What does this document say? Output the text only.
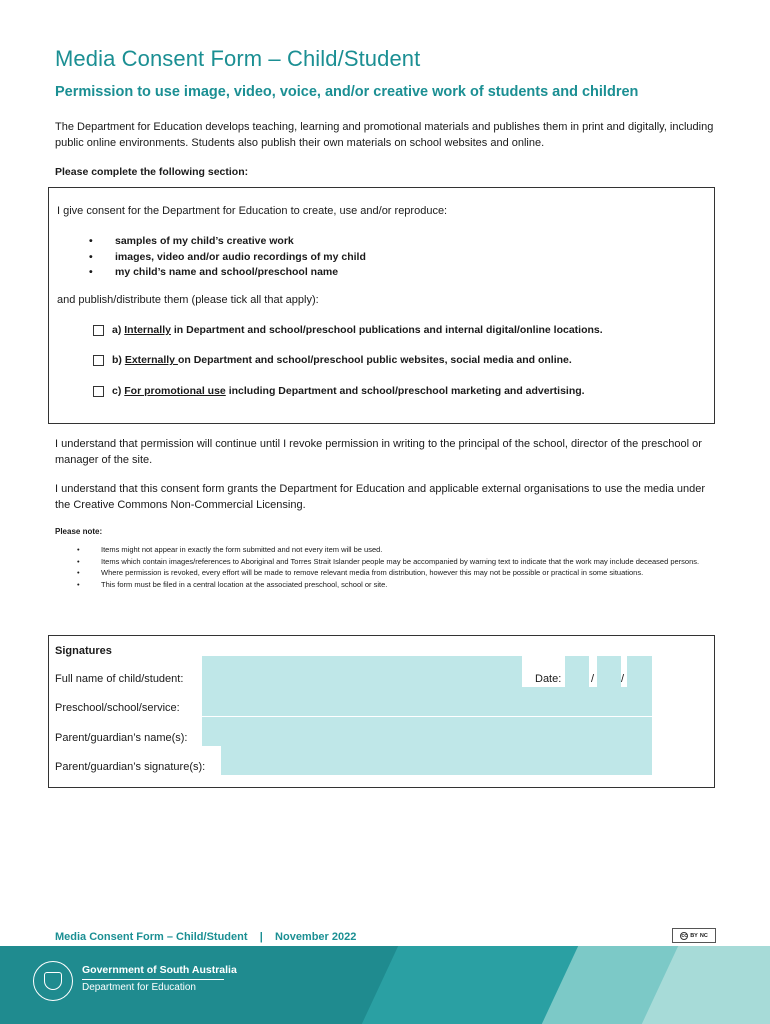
Media Consent Form – Child/Student
Permission to use image, video, voice, and/or creative work of students and children

The Department for Education develops teaching, learning and promotional materials and publishes them in print and digitally, including public online environments. Students also publish their own materials on school websites and online.

Please complete the following section:

I give consent for the Department for Education to create, use and/or reproduce:

• samples of my child’s creative work
• images, video and/or audio recordings of my child
• my child’s name and school/preschool name

and publish/distribute them (please tick all that apply):

a) Internally in Department and school/preschool publications and internal digital/online locations.
b) Externally on Department and school/preschool public websites, social media and online.
c) For promotional use including Department and school/preschool marketing and advertising.

I understand that permission will continue until I revoke permission in writing to the principal of the school, director of the preschool or manager of the site.

I understand that this consent form grants the Department for Education and applicable external organisations to use the media under the Creative Commons Non-Commercial Licensing.

Please note:

•	Items might not appear in exactly the form submitted and not every item will be used.
•	Items which contain images/references to Aboriginal and Torres Strait Islander people may be accompanied by warning text to indicate that the work may include deceased persons.
•	Where permission is revoked, every effort will be made to remove relevant media from distribution, however this may not be possible or practical in some situations.
•	This form must be filed in a central location at the associated preschool, school or site.

Signatures

Full name of child/student:	Date:	/ /
Preschool/school/service:
Parent/guardian’s name(s):
Parent/guardian’s signature(s):

Media Consent Form – Child/Student    |    November 2022	cc BY NC
Government of South Australia
Department for Education
